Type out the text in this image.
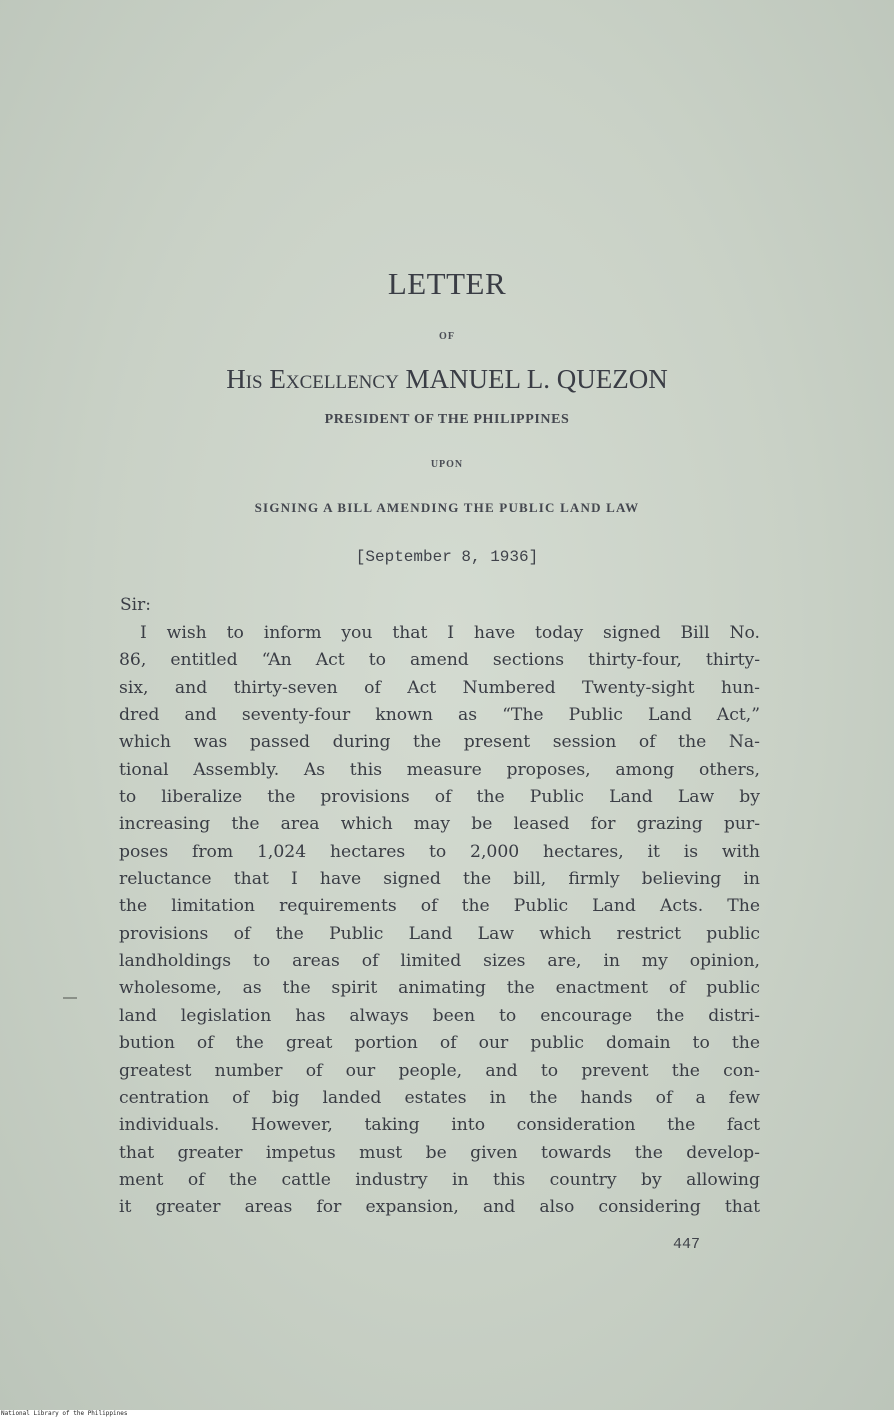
LETTER
OF
His Excellency MANUEL L. QUEZON
PRESIDENT OF THE PHILIPPINES
UPON
SIGNING A BILL AMENDING THE PUBLIC LAND LAW
[September 8, 1936]
Sir:
I wish to inform you that I have today signed Bill No.
86, entitled “An Act to amend sections thirty-four, thirty-
six, and thirty-seven of Act Numbered Twenty-sight hun-
dred and seventy-four known as “The Public Land Act,”
which was passed during the present session of the Na-
tional Assembly. As this measure proposes, among others,
to liberalize the provisions of the Public Land Law by
increasing the area which may be leased for grazing pur-
poses from 1,024 hectares to 2,000 hectares, it is with
reluctance that I have signed the bill, firmly believing in
the limitation requirements of the Public Land Acts. The
provisions of the Public Land Law which restrict public
landholdings to areas of limited sizes are, in my opinion,
wholesome, as the spirit animating the enactment of public
land legislation has always been to encourage the distri-
bution of the great portion of our public domain to the
greatest number of our people, and to prevent the con-
centration of big landed estates in the hands of a few
individuals. However, taking into consideration the fact
that greater impetus must be given towards the develop-
ment of the cattle industry in this country by allowing
it greater areas for expansion, and also considering that
447
National Library of the Philippines
